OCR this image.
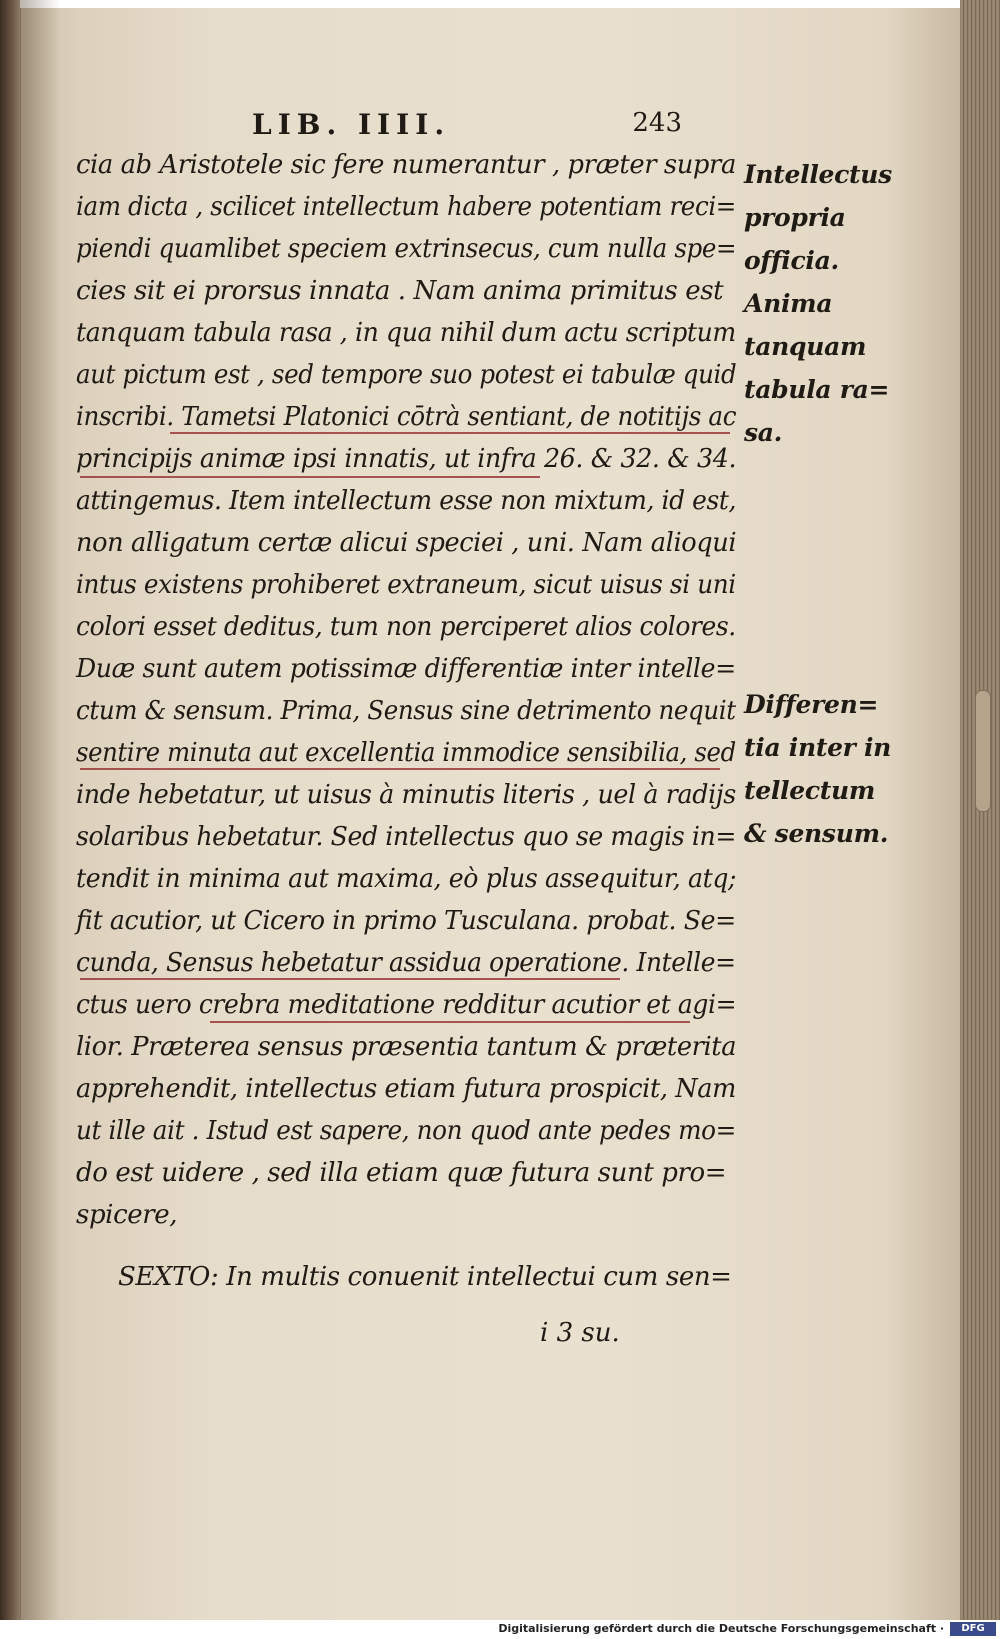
LIB. IIII.	243
cia ab Aristotele sic fere numerantur , præter supra
iam dicta , scilicet intellectum habere potentiam reci=
piendi quamlibet speciem extrinsecus, cum nulla spe=
cies sit ei prorsus innata . Nam anima primitus est
tanquam tabula rasa , in qua nihil dum actu scriptum
aut pictum est , sed tempore suo potest ei tabulæ quid
inscribi. Tametsi Platonici cōtrà sentiant, de notitijs ac
principijs animæ ipsi innatis, ut infra 26. & 32. & 34.
attingemus. Item intellectum esse non mixtum, id est,
non alligatum certæ alicui speciei , uni. Nam alioqui
intus existens prohiberet extraneum, sicut uisus si uni
colori esset deditus, tum non perciperet alios colores.
Duæ sunt autem potissimæ differentiæ inter intelle=
ctum & sensum. Prima, Sensus sine detrimento nequit
sentire minuta aut excellentia immodice sensibilia, sed
inde hebetatur, ut uisus à minutis literis , uel à radijs
solaribus hebetatur. Sed intellectus quo se magis in=
tendit in minima aut maxima, eò plus assequitur, atq;
fit acutior, ut Cicero in primo Tusculana. probat. Se=
cunda, Sensus hebetatur assidua operatione. Intelle=
ctus uero crebra meditatione redditur acutior et agi=
lior. Præterea sensus præsentia tantum & præterita
apprehendit, intellectus etiam futura prospicit, Nam
ut ille ait . Istud est sapere, non quod ante pedes mo=
do est uidere , sed illa etiam quæ futura sunt pro=
spicere,
SEXTO: In multis conuenit intellectui cum sen=
Intellectus
propria
officia.
Anima
tanquam
tabula ra=
sa.
Differen=
tia inter in
tellectum
& sensum.
i 3 su.
Digitalisierung gefördert durch die Deutsche Forschungsgemeinschaft ·	DFG
